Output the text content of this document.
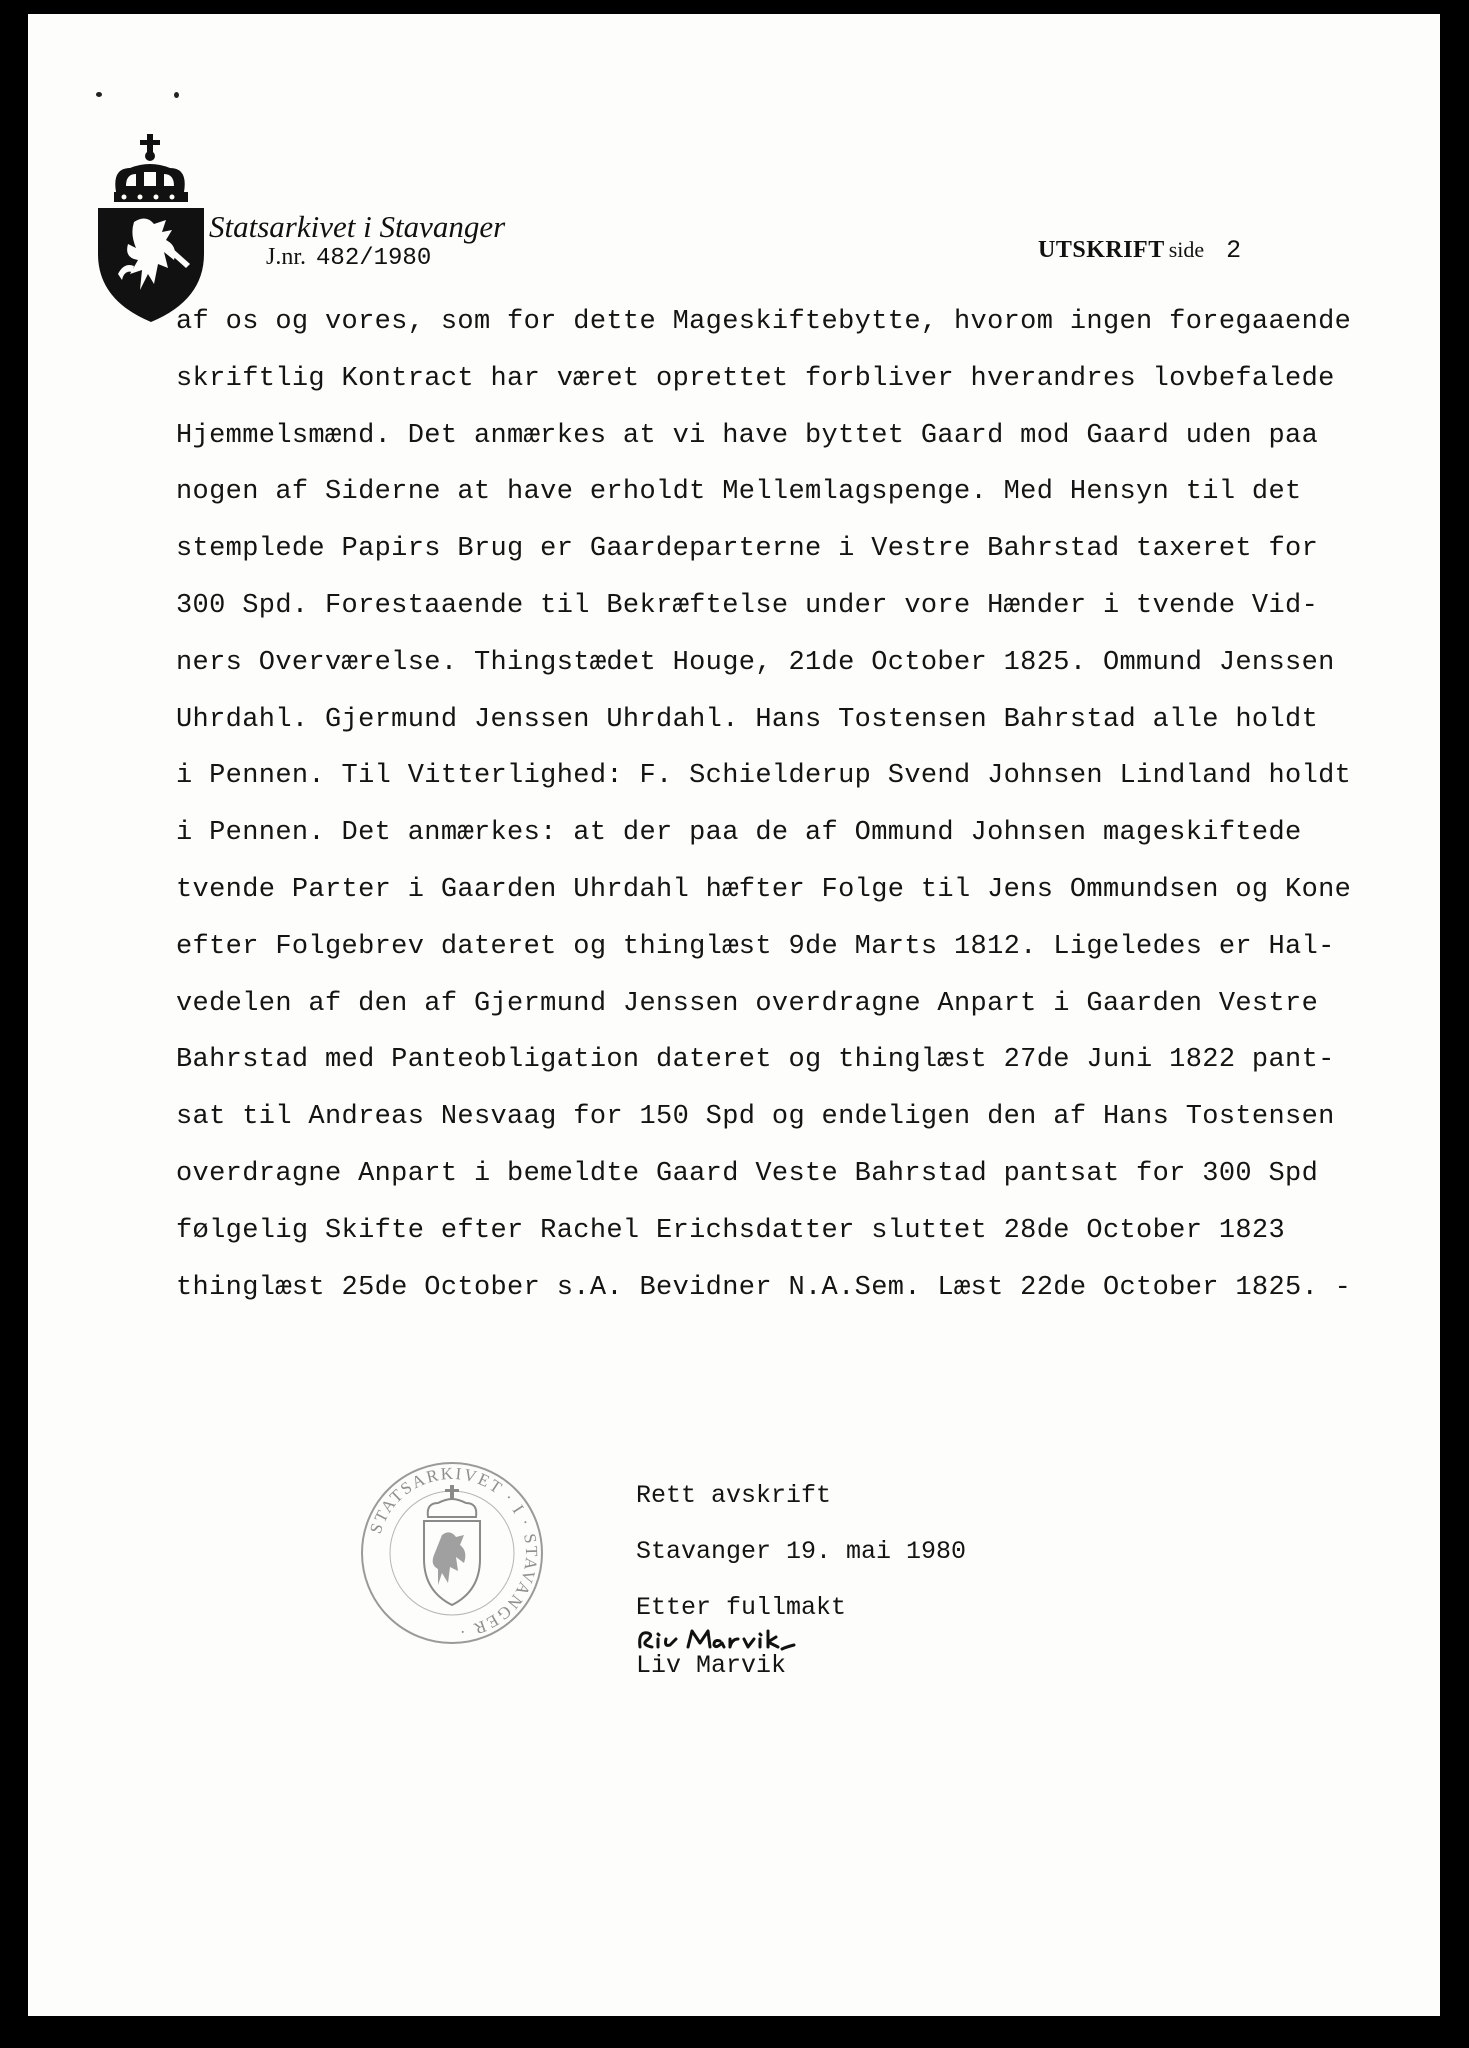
Statsarkivet i Stavanger
J.nr. 482/1980	UTSKRIFT side 2
af os og vores, som for dette Mageskiftebytte, hvorom ingen foregaaende
skriftlig Kontract har været oprettet forbliver hverandres lovbefalede
Hjemmelsmænd. Det anmærkes at vi have byttet Gaard mod Gaard uden paa
nogen af Siderne at have erholdt Mellemlagspenge. Med Hensyn til det
stemplede Papirs Brug er Gaardeparterne i Vestre Bahrstad taxeret for
300 Spd. Forestaaende til Bekræftelse under vore Hænder i tvende Vid-
ners Overværelse. Thingstædet Houge, 21de October 1825. Ommund Jenssen
Uhrdahl. Gjermund Jenssen Uhrdahl. Hans Tostensen Bahrstad alle holdt
i Pennen. Til Vitterlighed: F. Schielderup Svend Johnsen Lindland holdt
i Pennen. Det anmærkes: at der paa de af Ommund Johnsen mageskiftede
tvende Parter i Gaarden Uhrdahl hæfter Folge til Jens Ommundsen og Kone
efter Folgebrev dateret og thinglæst 9de Marts 1812. Ligeledes er Hal-
vedelen af den af Gjermund Jenssen overdragne Anpart i Gaarden Vestre
Bahrstad med Panteobligation dateret og thinglæst 27de Juni 1822 pant-
sat til Andreas Nesvaag for 150 Spd og endeligen den af Hans Tostensen
overdragne Anpart i bemeldte Gaard Veste Bahrstad pantsat for 300 Spd
følgelig Skifte efter Rachel Erichsdatter sluttet 28de October 1823
thinglæst 25de October s.A. Bevidner N.A.Sem. Læst 22de October 1825. -
STATSARKIVET · I · STAVANGER ·
Rett avskrift
Stavanger 19. mai 1980
Etter fullmakt
Liv Marvik
Liv Marvik
